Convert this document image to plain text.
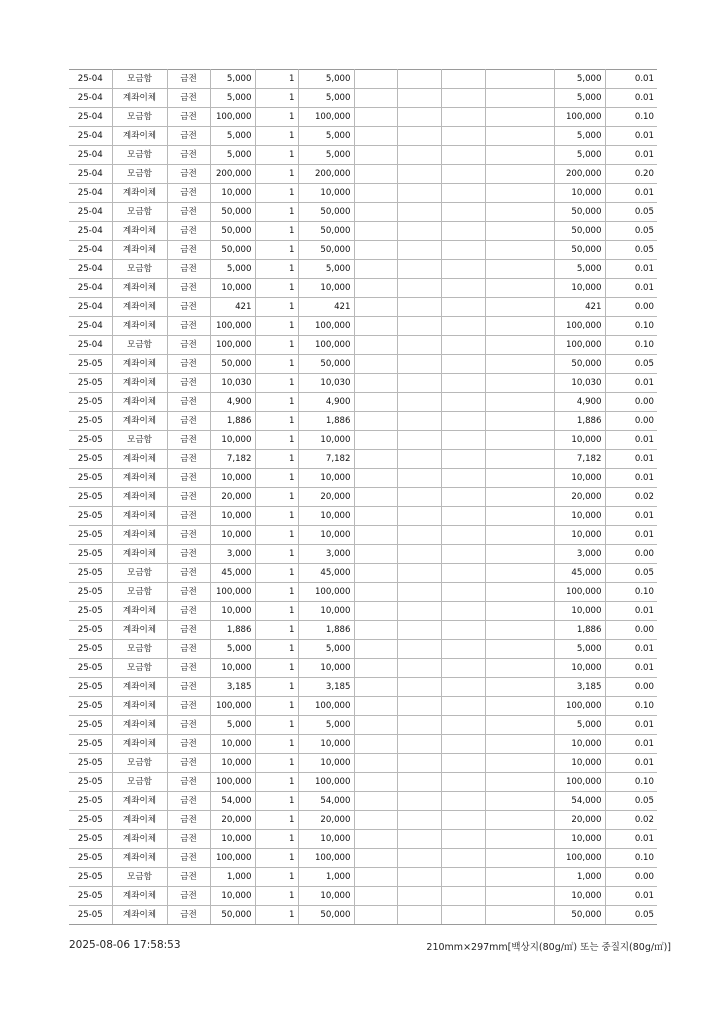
25-04	모금함	금전	5,000	1	5,000					5,000	0.01
25-04	계좌이체	금전	5,000	1	5,000					5,000	0.01
25-04	모금함	금전	100,000	1	100,000					100,000	0.10
25-04	계좌이체	금전	5,000	1	5,000					5,000	0.01
25-04	모금함	금전	5,000	1	5,000					5,000	0.01
25-04	모금함	금전	200,000	1	200,000					200,000	0.20
25-04	계좌이체	금전	10,000	1	10,000					10,000	0.01
25-04	모금함	금전	50,000	1	50,000					50,000	0.05
25-04	계좌이체	금전	50,000	1	50,000					50,000	0.05
25-04	계좌이체	금전	50,000	1	50,000					50,000	0.05
25-04	모금함	금전	5,000	1	5,000					5,000	0.01
25-04	계좌이체	금전	10,000	1	10,000					10,000	0.01
25-04	계좌이체	금전	421	1	421					421	0.00
25-04	계좌이체	금전	100,000	1	100,000					100,000	0.10
25-04	모금함	금전	100,000	1	100,000					100,000	0.10
25-05	계좌이체	금전	50,000	1	50,000					50,000	0.05
25-05	계좌이체	금전	10,030	1	10,030					10,030	0.01
25-05	계좌이체	금전	4,900	1	4,900					4,900	0.00
25-05	계좌이체	금전	1,886	1	1,886					1,886	0.00
25-05	모금함	금전	10,000	1	10,000					10,000	0.01
25-05	계좌이체	금전	7,182	1	7,182					7,182	0.01
25-05	계좌이체	금전	10,000	1	10,000					10,000	0.01
25-05	계좌이체	금전	20,000	1	20,000					20,000	0.02
25-05	계좌이체	금전	10,000	1	10,000					10,000	0.01
25-05	계좌이체	금전	10,000	1	10,000					10,000	0.01
25-05	계좌이체	금전	3,000	1	3,000					3,000	0.00
25-05	모금함	금전	45,000	1	45,000					45,000	0.05
25-05	모금함	금전	100,000	1	100,000					100,000	0.10
25-05	계좌이체	금전	10,000	1	10,000					10,000	0.01
25-05	계좌이체	금전	1,886	1	1,886					1,886	0.00
25-05	모금함	금전	5,000	1	5,000					5,000	0.01
25-05	모금함	금전	10,000	1	10,000					10,000	0.01
25-05	계좌이체	금전	3,185	1	3,185					3,185	0.00
25-05	계좌이체	금전	100,000	1	100,000					100,000	0.10
25-05	계좌이체	금전	5,000	1	5,000					5,000	0.01
25-05	계좌이체	금전	10,000	1	10,000					10,000	0.01
25-05	모금함	금전	10,000	1	10,000					10,000	0.01
25-05	모금함	금전	100,000	1	100,000					100,000	0.10
25-05	계좌이체	금전	54,000	1	54,000					54,000	0.05
25-05	계좌이체	금전	20,000	1	20,000					20,000	0.02
25-05	계좌이체	금전	10,000	1	10,000					10,000	0.01
25-05	계좌이체	금전	100,000	1	100,000					100,000	0.10
25-05	모금함	금전	1,000	1	1,000					1,000	0.00
25-05	계좌이체	금전	10,000	1	10,000					10,000	0.01
25-05	계좌이체	금전	50,000	1	50,000					50,000	0.05
2025-08-06 17:58:53	210mm×297mm[백상지(80g/㎡) 또는 중질지(80g/㎡)]
